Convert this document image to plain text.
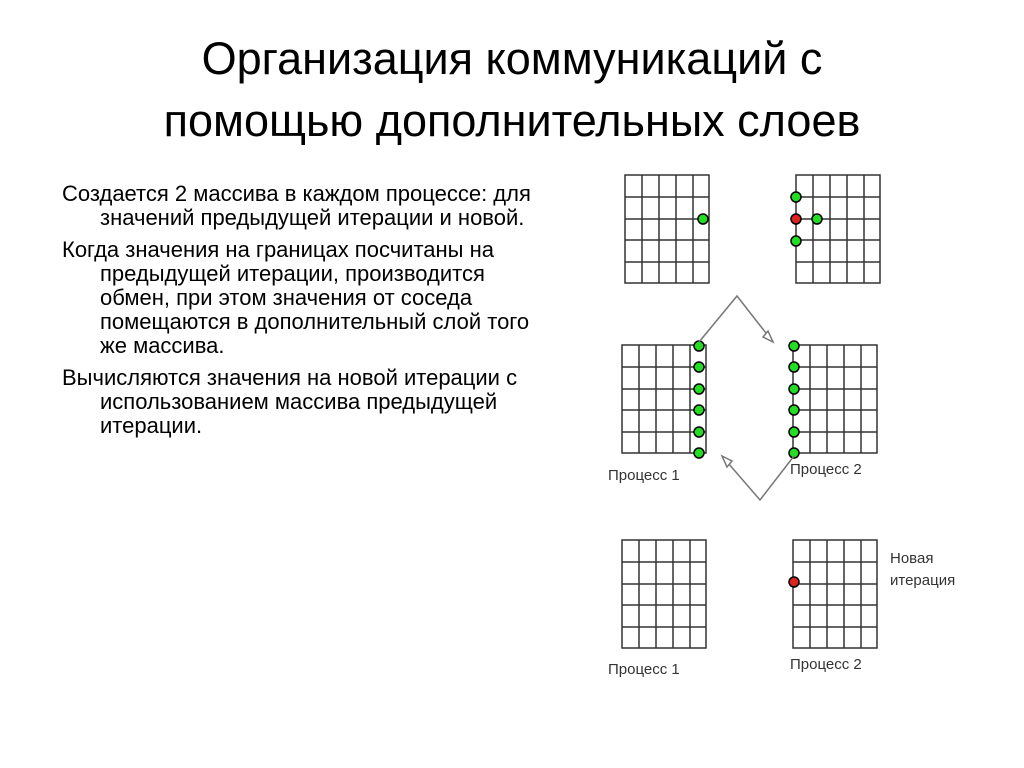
Организация коммуникаций с
помощью дополнительных слоев

Создается 2 массива в каждом процессе: для значений предыдущей итерации и новой.

Когда значения на границах посчитаны на предыдущей итерации, производится обмен, при этом значения от соседа помещаются в дополнительный слой того же массива.

Вычисляются значения на новой итерации с использованием массива предыдущей итерации.

Процесс 1	Процесс 2
Новая
итерация
Процесс 1	Процесс 2
